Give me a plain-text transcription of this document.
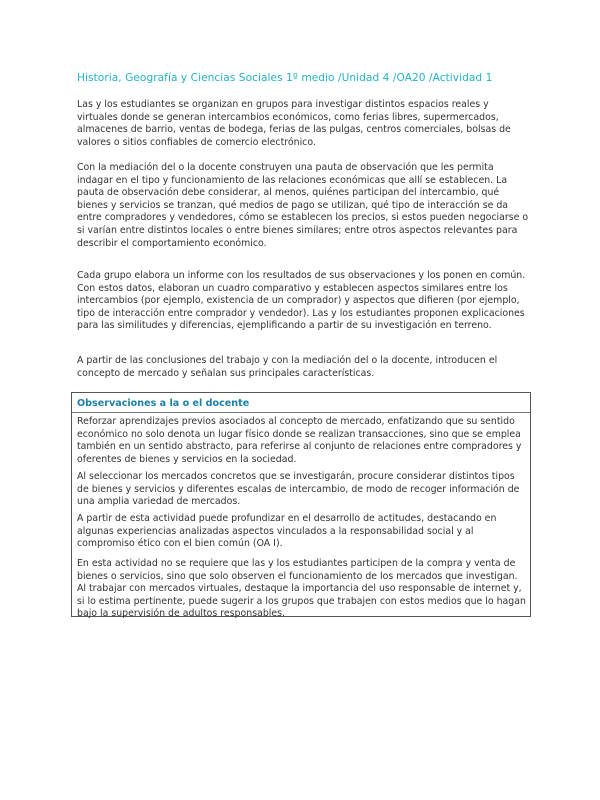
Historia, Geografía y Ciencias Sociales 1º medio /Unidad 4 /OA20 /Actividad 1

Las y los estudiantes se organizan en grupos para investigar distintos espacios reales y virtuales donde se generan intercambios económicos, como ferias libres, supermercados, almacenes de barrio, ventas de bodega, ferias de las pulgas, centros comerciales, bolsas de valores o sitios confiables de comercio electrónico.

Con la mediación del o la docente construyen una pauta de observación que les permita indagar en el tipo y funcionamiento de las relaciones económicas que allí se establecen. La pauta de observación debe considerar, al menos, quiénes participan del intercambio, qué bienes y servicios se tranzan, qué medios de pago se utilizan, qué tipo de interacción se da entre compradores y vendedores, cómo se establecen los precios, si estos pueden negociarse o si varían entre distintos locales o entre bienes similares; entre otros aspectos relevantes para describir el comportamiento económico.

Cada grupo elabora un informe con los resultados de sus observaciones y los ponen en común. Con estos datos, elaboran un cuadro comparativo y establecen aspectos similares entre los intercambios (por ejemplo, existencia de un comprador) y aspectos que difieren (por ejemplo, tipo de interacción entre comprador y vendedor). Las y los estudiantes proponen explicaciones para las similitudes y diferencias, ejemplificando a partir de su investigación en terreno.

A partir de las conclusiones del trabajo y con la mediación del o la docente, introducen el concepto de mercado y señalan sus principales características.

Observaciones a la o el docente

Reforzar aprendizajes previos asociados al concepto de mercado, enfatizando que su sentido económico no solo denota un lugar físico donde se realizan transacciones, sino que se emplea también en un sentido abstracto, para referirse al conjunto de relaciones entre compradores y oferentes de bienes y servicios en la sociedad.

Al seleccionar los mercados concretos que se investigarán, procure considerar distintos tipos de bienes y servicios y diferentes escalas de intercambio, de modo de recoger información de una amplia variedad de mercados.

A partir de esta actividad puede profundizar en el desarrollo de actitudes, destacando en algunas experiencias analizadas aspectos vinculados a la responsabilidad social y al compromiso ético con el bien común (OA I).

En esta actividad no se requiere que las y los estudiantes participen de la compra y venta de bienes o servicios, sino que solo observen el funcionamiento de los mercados que investigan. Al trabajar con mercados virtuales, destaque la importancia del uso responsable de internet y, si lo estima pertinente, puede sugerir a los grupos que trabajen con estos medios que lo hagan bajo la supervisión de adultos responsables.
